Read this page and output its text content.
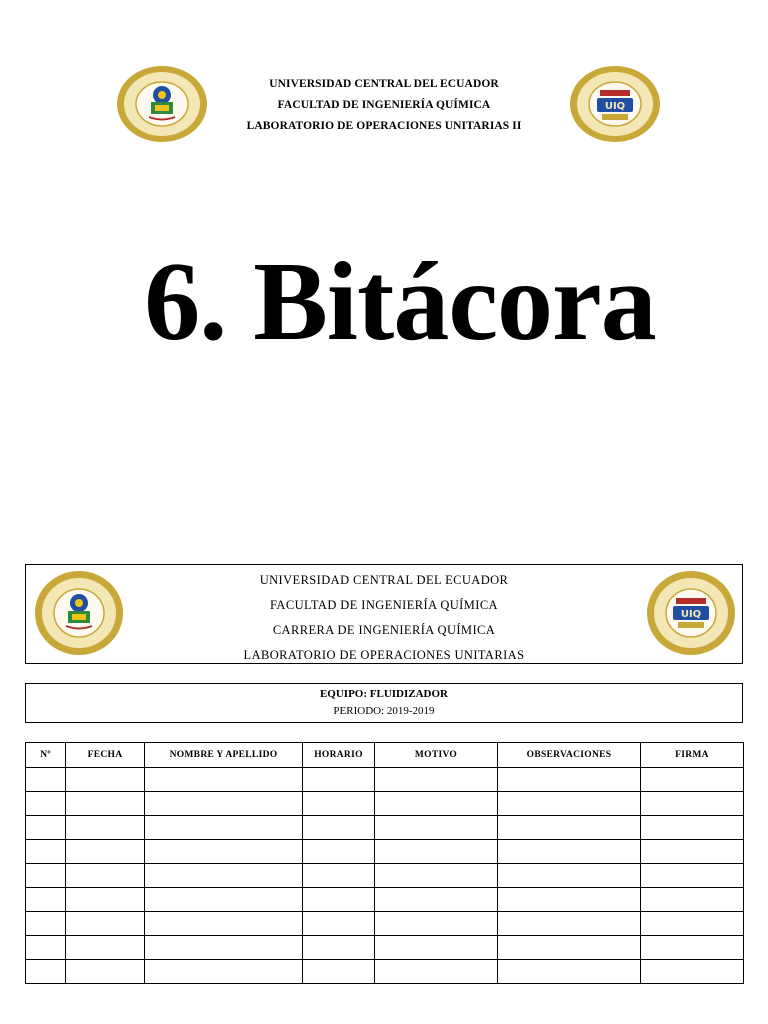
UIQ
UNIVERSIDAD CENTRAL DEL ECUADOR
FACULTAD DE INGENIERÍA QUÍMICA
LABORATORIO DE OPERACIONES UNITARIAS II
6. Bitácora
UNIVERSIDAD CENTRAL DEL ECUADOR
FACULTAD DE INGENIERÍA QUÍMICA
CARRERA DE INGENIERÍA QUÍMICA
LABORATORIO DE OPERACIONES UNITARIAS
UIQ
EQUIPO: FLUIDIZADOR
PERIODO: 2019-2019
Nº	FECHA	NOMBRE Y APELLIDO	HORARIO	MOTIVO	OBSERVACIONES	FIRMA
